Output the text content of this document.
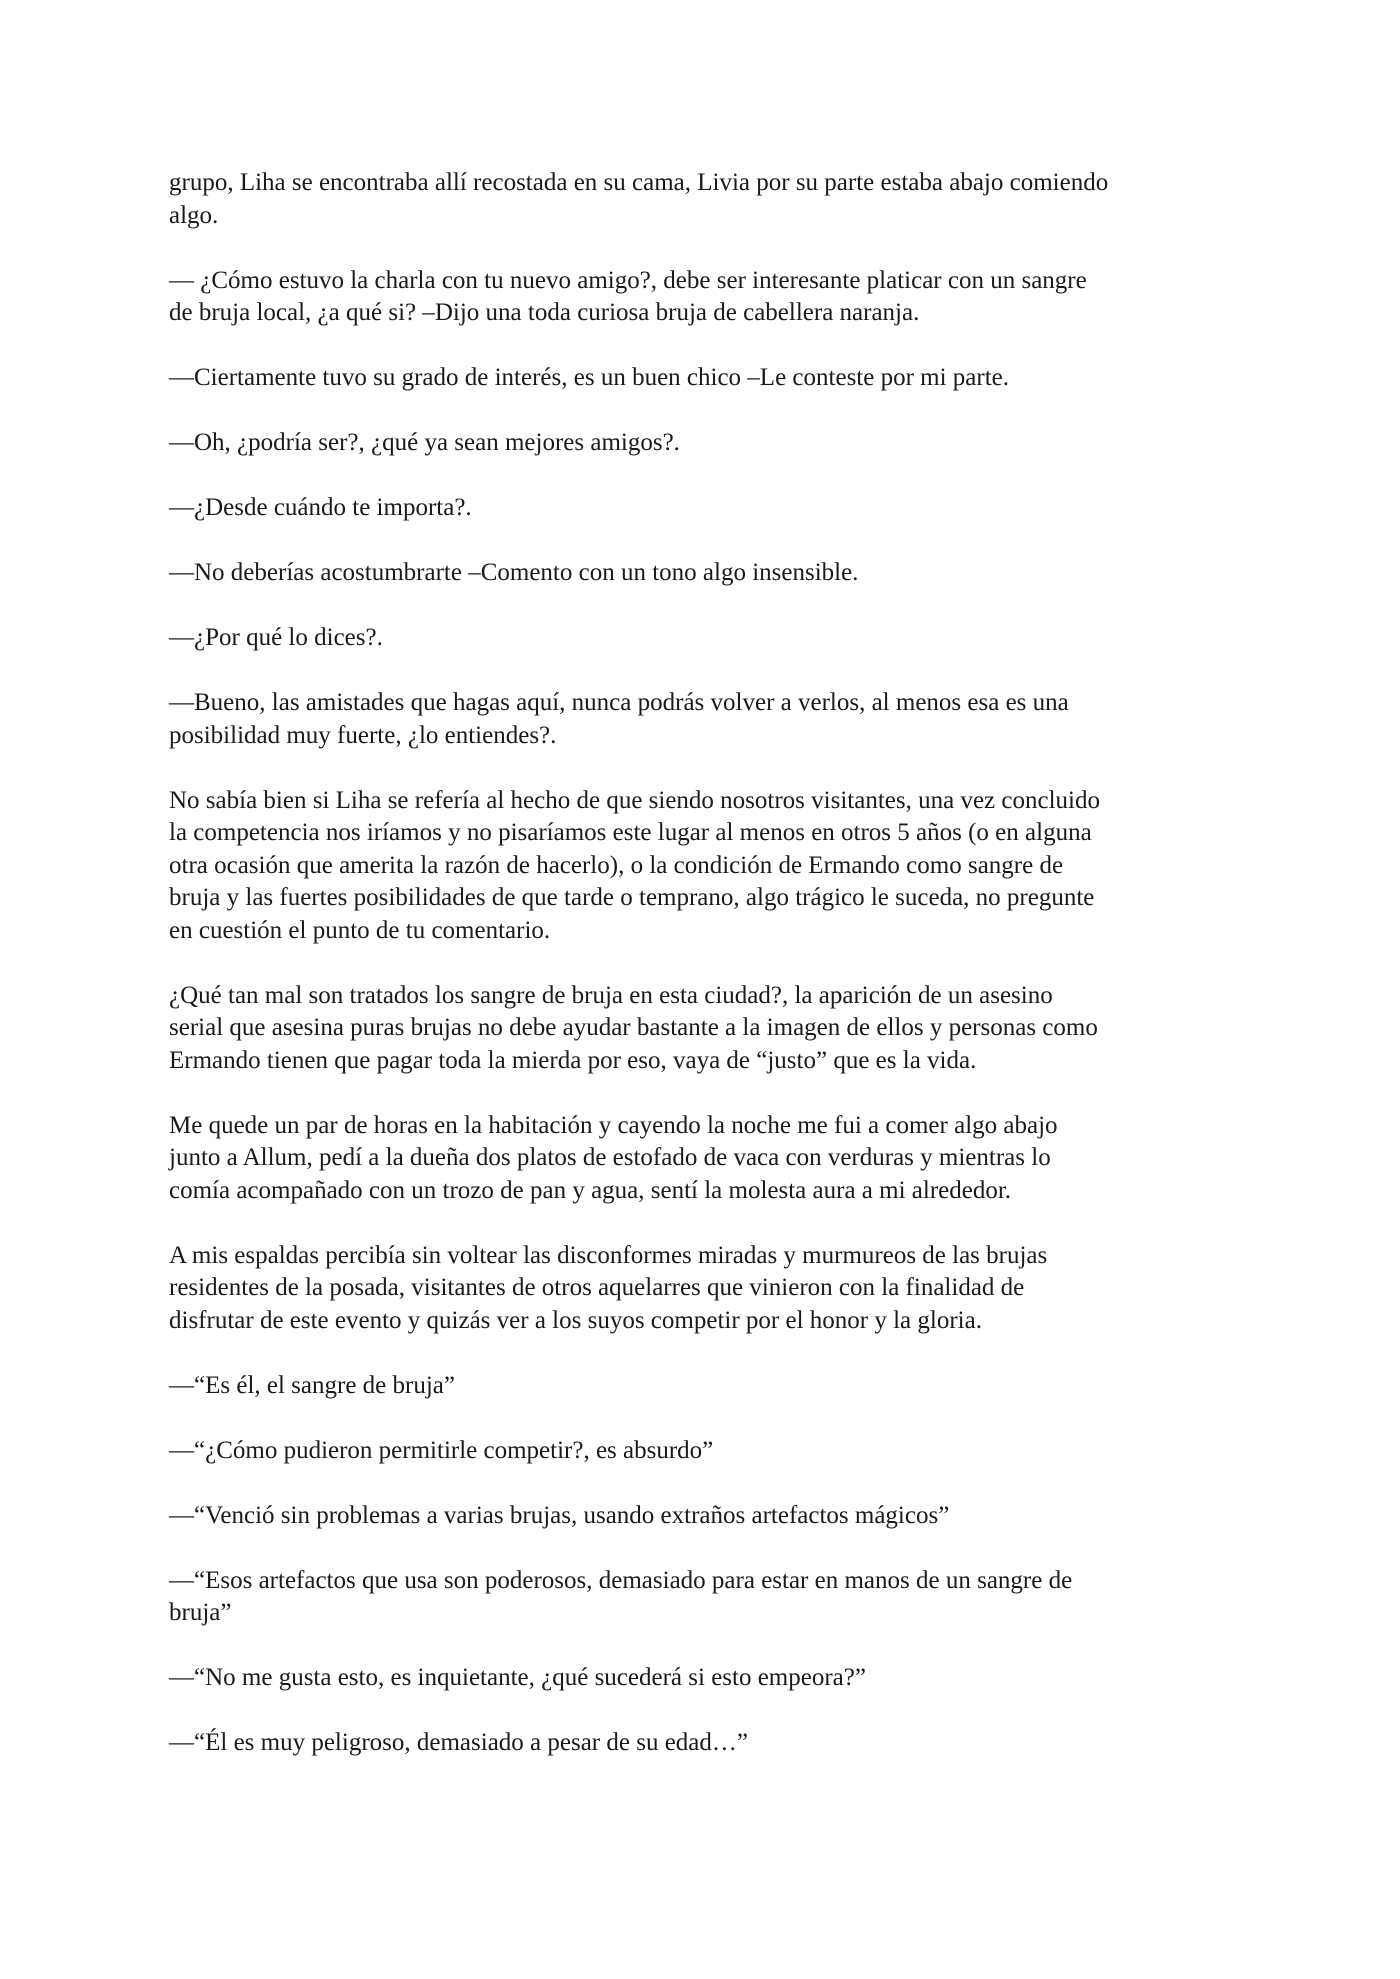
grupo, Liha se encontraba allí recostada en su cama, Livia por su parte estaba abajo comiendo
algo.

— ¿Cómo estuvo la charla con tu nuevo amigo?, debe ser interesante platicar con un sangre
de bruja local, ¿a qué si? –Dijo una toda curiosa bruja de cabellera naranja.

—Ciertamente tuvo su grado de interés, es un buen chico –Le conteste por mi parte.

—Oh, ¿podría ser?, ¿qué ya sean mejores amigos?.

—¿Desde cuándo te importa?.

—No deberías acostumbrarte –Comento con un tono algo insensible.

—¿Por qué lo dices?.

—Bueno, las amistades que hagas aquí, nunca podrás volver a verlos, al menos esa es una
posibilidad muy fuerte, ¿lo entiendes?.

No sabía bien si Liha se refería al hecho de que siendo nosotros visitantes, una vez concluido
la competencia nos iríamos y no pisaríamos este lugar al menos en otros 5 años (o en alguna
otra ocasión que amerita la razón de hacerlo), o la condición de Ermando como sangre de
bruja y las fuertes posibilidades de que tarde o temprano, algo trágico le suceda, no pregunte
en cuestión el punto de tu comentario.

¿Qué tan mal son tratados los sangre de bruja en esta ciudad?, la aparición de un asesino
serial que asesina puras brujas no debe ayudar bastante a la imagen de ellos y personas como
Ermando tienen que pagar toda la mierda por eso, vaya de “justo” que es la vida.

Me quede un par de horas en la habitación y cayendo la noche me fui a comer algo abajo
junto a Allum, pedí a la dueña dos platos de estofado de vaca con verduras y mientras lo
comía acompañado con un trozo de pan y agua, sentí la molesta aura a mi alrededor.

A mis espaldas percibía sin voltear las disconformes miradas y murmureos de las brujas
residentes de la posada, visitantes de otros aquelarres que vinieron con la finalidad de
disfrutar de este evento y quizás ver a los suyos competir por el honor y la gloria.

—“Es él, el sangre de bruja”

—“¿Cómo pudieron permitirle competir?, es absurdo”

—“Venció sin problemas a varias brujas, usando extraños artefactos mágicos”

—“Esos artefactos que usa son poderosos, demasiado para estar en manos de un sangre de
bruja”

—“No me gusta esto, es inquietante, ¿qué sucederá si esto empeora?”

—“Él es muy peligroso, demasiado a pesar de su edad…”
